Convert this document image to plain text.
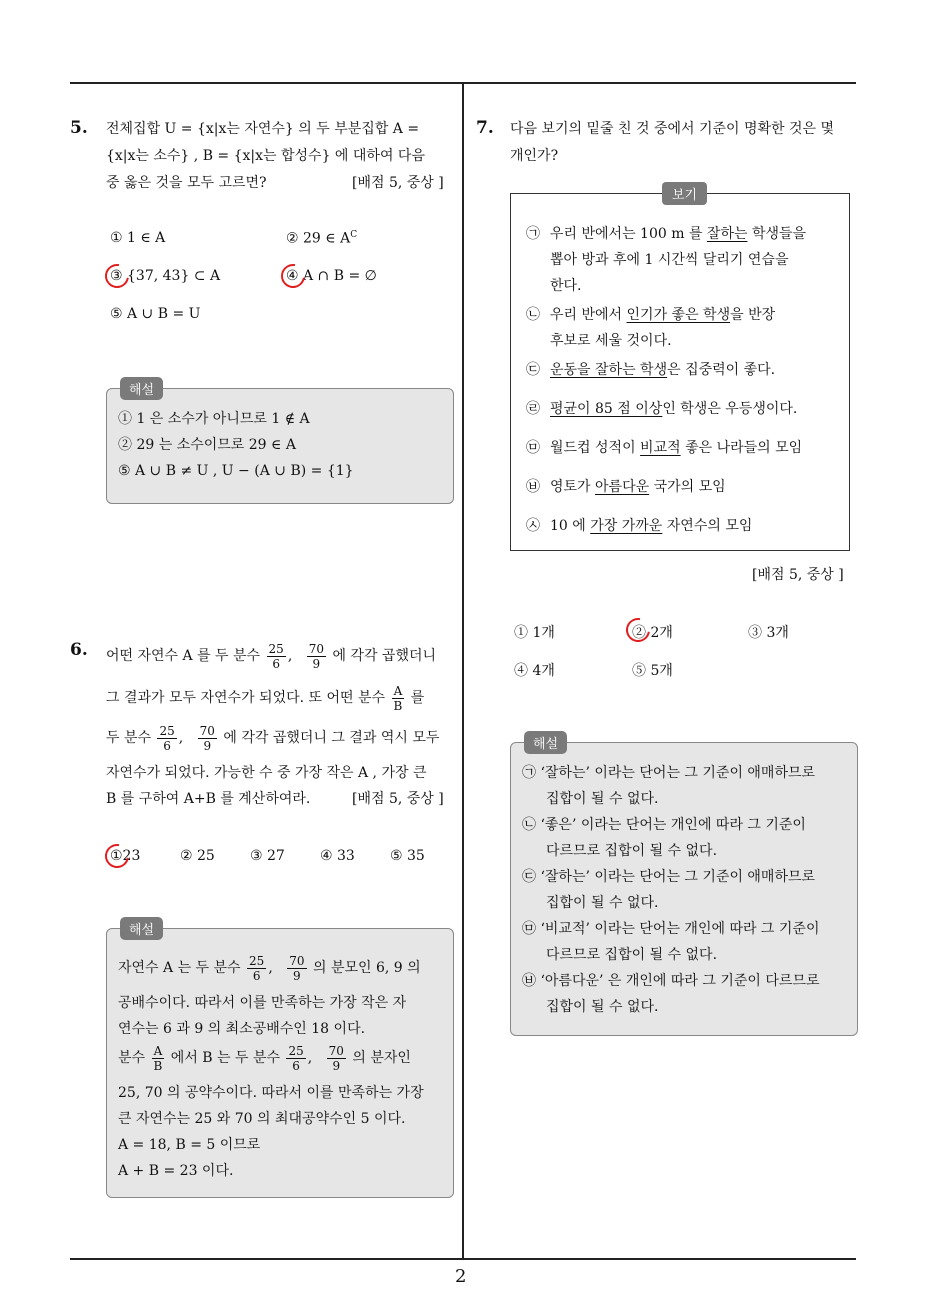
2
5. 전체집합 U = {x|x는 자연수} 의 두 부분집합 A =
{x|x는 소수} , B = {x|x는 합성수} 에 대하여 다음
중 옳은 것을 모두 고르면?	[배점 5, 중상 ]
① 1 ∈ A	② 29 ∈ $A^C$
③ {37, 43} ⊂ A	④ A ∩ B = ∅
⑤ A ∪ B = U
해설
① 1 은 소수가 아니므로 1 ∉ A
② 29 는 소수이므로 29 ∈ A
⑤ A ∪ B ≠ U , U − (A ∪ B) = {1}
6. 어떤 자연수 A 를 두 분수 $\frac{25}{6}$ , $\frac{70}{9}$ 에 각각 곱했더니
그 결과가 모두 자연수가 되었다. 또 어떤 분수 $\frac{A}{B}$ 를
두 분수 $\frac{25}{6}$ , $\frac{70}{9}$ 에 각각 곱했더니 그 결과 역시 모두
자연수가 되었다. 가능한 수 중 가장 작은 A , 가장 큰
B 를 구하여 A+B 를 계산하여라.	[배점 5, 중상 ]
①23	② 25	③ 27	④ 33	⑤ 35
해설
자연수 A 는 두 분수 $\frac{25}{6}$ , $\frac{70}{9}$ 의 분모인 6, 9 의
공배수이다. 따라서 이를 만족하는 가장 작은 자
연수는 6 과 9 의 최소공배수인 18 이다.
분수 $\frac{A}{B}$ 에서 B 는 두 분수 $\frac{25}{6}$ , $\frac{70}{9}$ 의 분자인
25, 70 의 공약수이다. 따라서 이를 만족하는 가장
큰 자연수는 25 와 70 의 최대공약수인 5 이다.
A = 18, B = 5 이므로
A + B = 23 이다.
7. 다음 보기의 밑줄 친 것 중에서 기준이 명확한 것은 몇
개인가?
보기
㉠ 우리 반에서는 100 m 를 잘하는 학생들을
뽑아 방과 후에 1 시간씩 달리기 연습을
한다.
㉡ 우리 반에서 인기가 좋은 학생을 반장
후보로 세울 것이다.
㉢ 운동을 잘하는 학생은 집중력이 좋다.
㉣ 평균이 85 점 이상인 학생은 우등생이다.
㉤ 월드컵 성적이 비교적 좋은 나라들의 모임
㉥ 영토가 아름다운 국가의 모임
㉦ 10 에 가장 가까운 자연수의 모임
[배점 5, 중상 ]
① 1개	② 2개	③ 3개
④ 4개	⑤ 5개
해설
㉠ ‘잘하는’ 이라는 단어는 그 기준이 애매하므로
집합이 될 수 없다.
㉡ ‘좋은’ 이라는 단어는 개인에 따라 그 기준이
다르므로 집합이 될 수 없다.
㉢ ‘잘하는’ 이라는 단어는 그 기준이 애매하므로
집합이 될 수 없다.
㉤ ‘비교적’ 이라는 단어는 개인에 따라 그 기준이
다르므로 집합이 될 수 없다.
㉥ ‘아름다운’ 은 개인에 따라 그 기준이 다르므로
집합이 될 수 없다.
